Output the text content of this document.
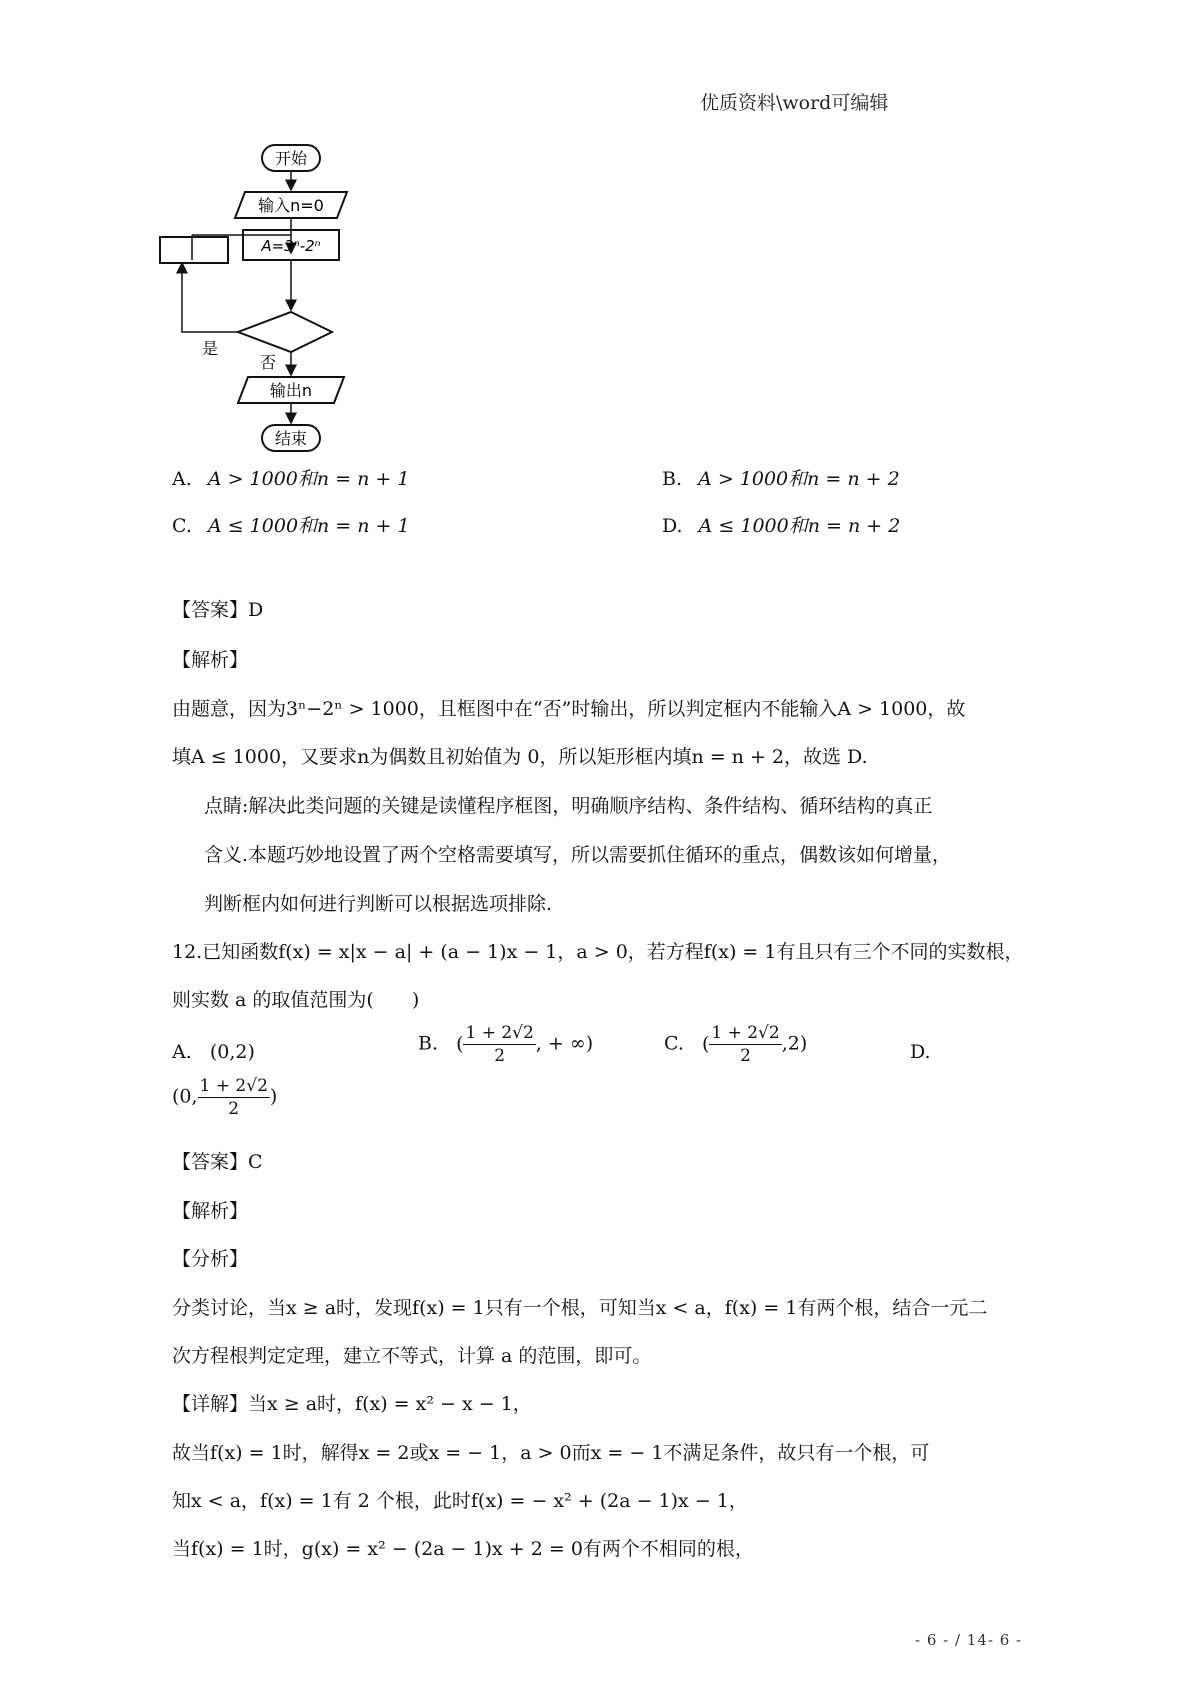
优质资料\word可编辑
开始
输入n=0
A=3ⁿ-2ⁿ
是
否
输出n
结束
A. A > 1000和n = n + 1	B. A > 1000和n = n + 2
C. A ≤ 1000和n = n + 1	D. A ≤ 1000和n = n + 2
【答案】D
【解析】
由题意，因为3ⁿ−2ⁿ > 1000，且框图中在“否”时输出，所以判定框内不能输入A > 1000，故
填A ≤ 1000，又要求n为偶数且初始值为 0，所以矩形框内填n = n + 2，故选 D.
点睛:解决此类问题的关键是读懂程序框图，明确顺序结构、条件结构、循环结构的真正
含义.本题巧妙地设置了两个空格需要填写，所以需要抓住循环的重点，偶数该如何增量，
判断框内如何进行判断可以根据选项排除.
12.已知函数f(x) = x|x − a| + (a − 1)x − 1，a > 0，若方程f(x) = 1有且只有三个不同的实数根，
则实数 a 的取值范围为(　　)
A. (0,2)	B. ( $\frac{1 + 2√2}{2}$ , + ∞)	C. ( $\frac{1 + 2√2}{2} ,2$)	D.
(0, $\frac{1 + 2√2}{2}$ )
【答案】C
【解析】
【分析】
分类讨论，当x ≥ a时，发现f(x) = 1只有一个根，可知当x < a，f(x) = 1有两个根，结合一元二
次方程根判定定理，建立不等式，计算 a 的范围，即可。
【详解】当x ≥ a时，f(x) = x² − x − 1，
故当f(x) = 1时，解得x = 2或x = − 1，a > 0而x = − 1不满足条件，故只有一个根，可
知x < a，f(x) = 1有 2 个根，此时f(x) = − x² + (2a − 1)x − 1，
当f(x) = 1时，g(x) = x² − (2a − 1)x + 2 = 0有两个不相同的根，
- 6 - / 14- 6 -
